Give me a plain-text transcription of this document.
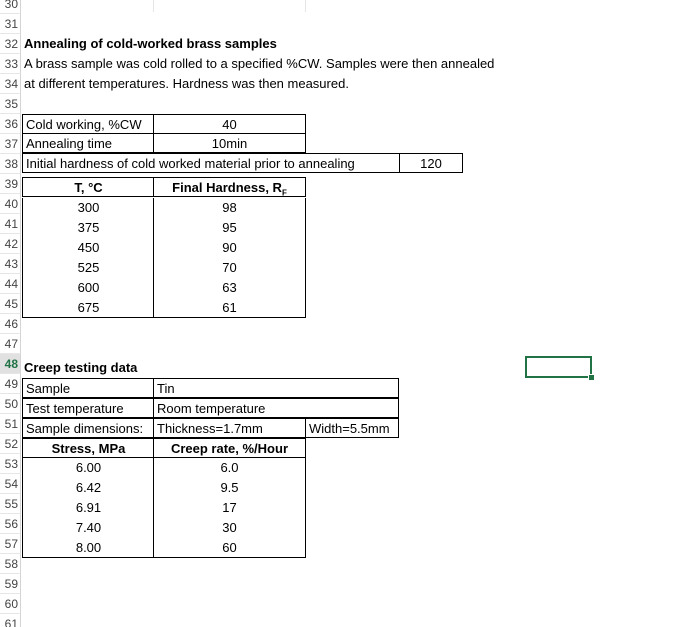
30
31
32
33
34
35
36
37
38
39
40
41
42
43
44
45
46
47
48
49
50
51
52
53
54
55
56
57
58
59
60
61
Annealing of cold-worked brass samples
A brass sample was cold rolled to a specified %CW. Samples were then annealed
at different temperatures. Hardness was then measured.
Cold working, %CW	40
Annealing time	10min
Initial hardness of cold worked material prior to annealing	120
T, °C	Final Hardness, $R_F$
300	98
375	95
450	90
525	70
600	63
675	61
Creep testing data
Sample	Tin
Test temperature	Room temperature
Sample dimensions:	Thickness=1.7mm	Width=5.5mm
Stress, MPa	Creep rate, %/Hour
6.00	6.0
6.42	9.5
6.91	17
7.40	30
8.00	60
